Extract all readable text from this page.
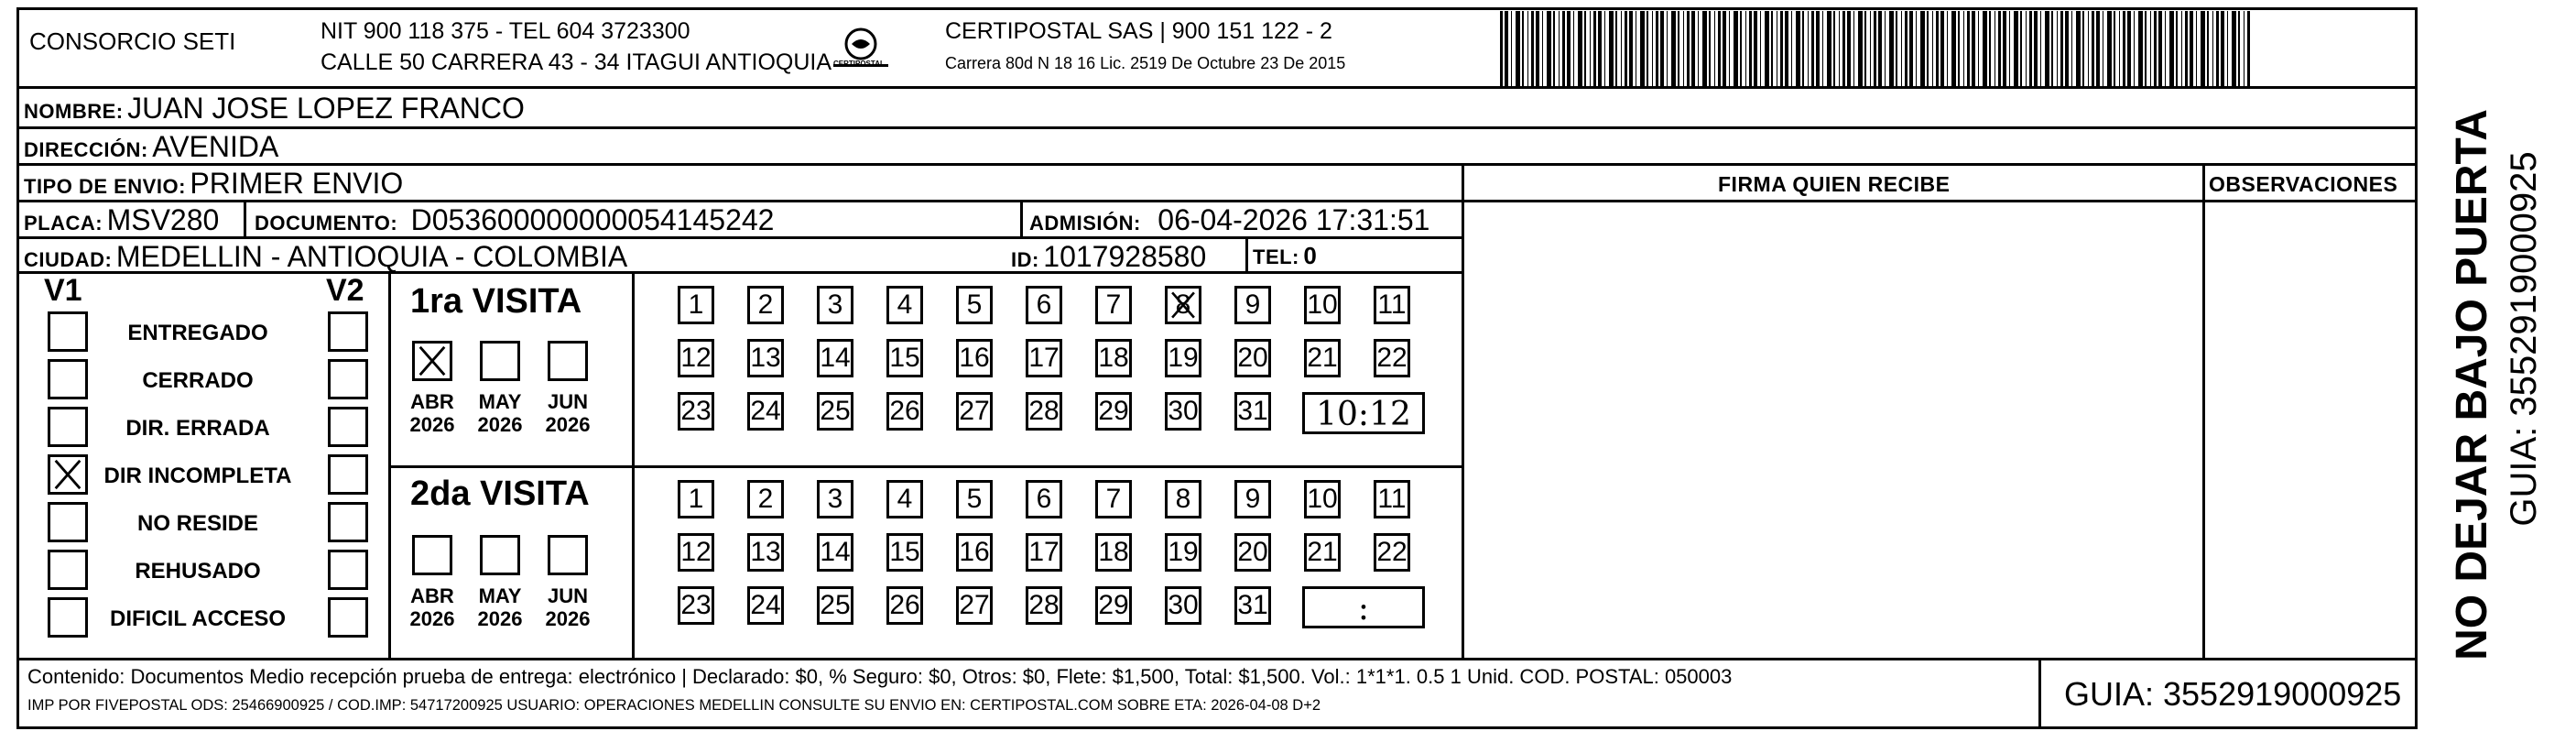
CONSORCIO SETI	NIT 900 118 375 - TEL 604 3723300
CALLE 50 CARRERA 43 - 34 ITAGUI ANTIOQUIA CERTIPOSTAL
CERTIPOSTAL SAS | 900 151 122 - 2
Carrera 80d N 18 16 Lic. 2519 De Octubre 23 De 2015
NOMBRE: JUAN JOSE LOPEZ FRANCO
DIRECCIÓN: AVENIDA
TIPO DE ENVIO: PRIMER ENVIO
PLACA: MSV280 DOCUMENTO: D053600000000054145242	ADMISIÓN: 06-04-2026 17:31:51
CIUDAD: MEDELLIN - ANTIOQUIA - COLOMBIA	ID: 1017928580 TEL: 0
FIRMA QUIEN RECIBE	OBSERVACIONES
V1	V2
ENTREGADO
CERRADO
DIR. ERRADA
DIR INCOMPLETA
NO RESIDE
REHUSADO
DIFICIL ACCESO
1ra VISITA
2da VISITA
ABR
2026
MAY
2026
JUN
2026
ABR
2026
MAY
2026
JUN
2026
1	2	3	4	5	6	7	8	9	10 11
12 13 14 15 16 17 18 19 20 21 22
23 24 25 26 27 28 29 30 31	10:12
1	2	3	4	5	6	7	8	9	10 11
12 13 14 15 16 17 18 19 20 21 22
23 24 25 26 27 28 29 30 31	:
Contenido: Documentos Medio recepción prueba de entrega: electrónico | Declarado: $0, % Seguro: $0, Otros: $0, Flete: $1,500, Total: $1,500. Vol.: 1*1*1. 0.5 1 Unid. COD. POSTAL: 050003
IMP POR FIVEPOSTAL ODS: 25466900925 / COD.IMP: 54717200925 USUARIO: OPERACIONES MEDELLIN CONSULTE SU ENVIO EN: CERTIPOSTAL.COM SOBRE ETA: 2026-04-08 D+2	GUIA: 3552919000925
NO DEJAR BAJO PUERTA GUIA: 3552919000925
